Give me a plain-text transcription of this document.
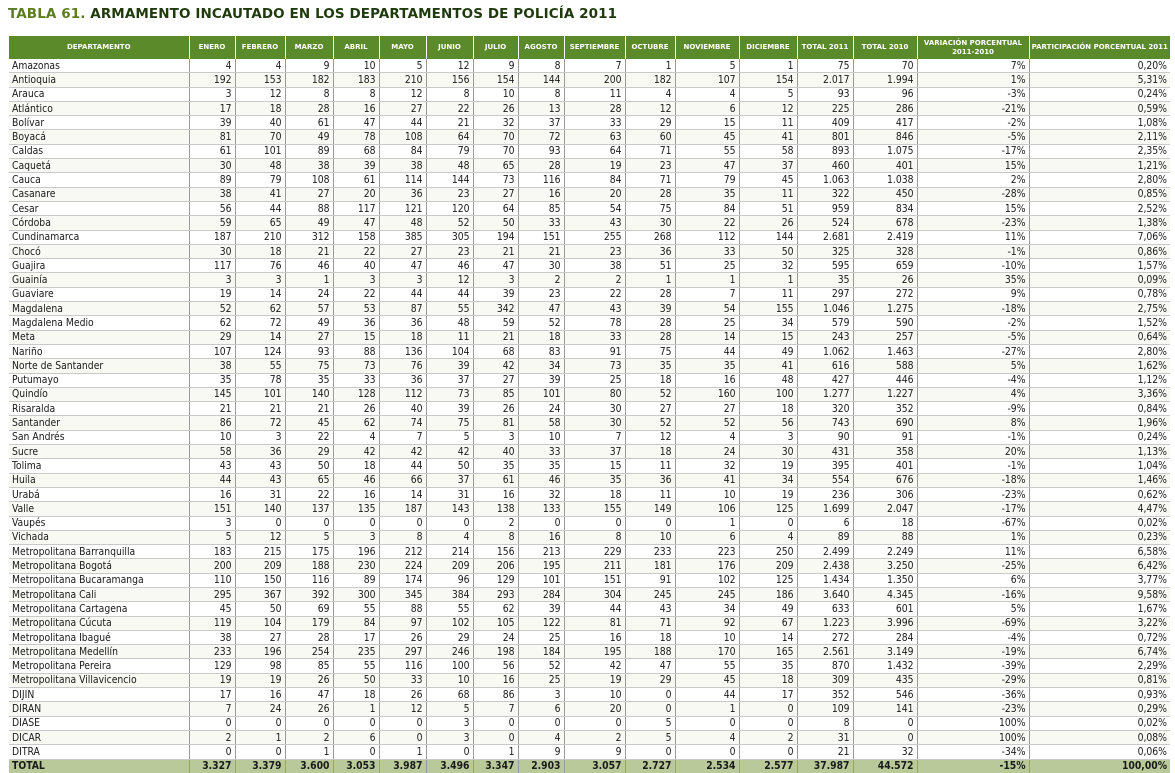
TABLA 61. ARMAMENTO INCAUTADO EN LOS DEPARTAMENTOS DE POLICÍA 2011
DEPARTAMENTO	ENERO	FEBRERO	MARZO	ABRIL	MAYO	JUNIO	JULIO	AGOSTO	SEPTIEMBRE	OCTUBRE	NOVIEMBRE	DICIEMBRE	TOTAL 2011	TOTAL 2010	VARIACIÓN PORCENTUAL 2011-2010	PARTICIPACIÓN PORCENTUAL 2011
Amazonas	4	4	9	10	5	12	9	8	7	1	5	1	75	70	7%	0,20%
Antioquia	192	153	182	183	210	156	154	144	200	182	107	154	2.017	1.994	1%	5,31%
Arauca	3	12	8	8	12	8	10	8	11	4	4	5	93	96	-3%	0,24%
Atlántico	17	18	28	16	27	22	26	13	28	12	6	12	225	286	-21%	0,59%
Bolívar	39	40	61	47	44	21	32	37	33	29	15	11	409	417	-2%	1,08%
Boyacá	81	70	49	78	108	64	70	72	63	60	45	41	801	846	-5%	2,11%
Caldas	61	101	89	68	84	79	70	93	64	71	55	58	893	1.075	-17%	2,35%
Caquetá	30	48	38	39	38	48	65	28	19	23	47	37	460	401	15%	1,21%
Cauca	89	79	108	61	114	144	73	116	84	71	79	45	1.063	1.038	2%	2,80%
Casanare	38	41	27	20	36	23	27	16	20	28	35	11	322	450	-28%	0,85%
Cesar	56	44	88	117	121	120	64	85	54	75	84	51	959	834	15%	2,52%
Córdoba	59	65	49	47	48	52	50	33	43	30	22	26	524	678	-23%	1,38%
Cundinamarca	187	210	312	158	385	305	194	151	255	268	112	144	2.681	2.419	11%	7,06%
Chocó	30	18	21	22	27	23	21	21	23	36	33	50	325	328	-1%	0,86%
Guajira	117	76	46	40	47	46	47	30	38	51	25	32	595	659	-10%	1,57%
Guainía	3	3	1	3	3	12	3	2	2	1	1	1	35	26	35%	0,09%
Guaviare	19	14	24	22	44	44	39	23	22	28	7	11	297	272	9%	0,78%
Magdalena	52	62	57	53	87	55	342	47	43	39	54	155	1.046	1.275	-18%	2,75%
Magdalena Medio	62	72	49	36	36	48	59	52	78	28	25	34	579	590	-2%	1,52%
Meta	29	14	27	15	18	11	21	18	33	28	14	15	243	257	-5%	0,64%
Nariño	107	124	93	88	136	104	68	83	91	75	44	49	1.062	1.463	-27%	2,80%
Norte de Santander	38	55	75	73	76	39	42	34	73	35	35	41	616	588	5%	1,62%
Putumayo	35	78	35	33	36	37	27	39	25	18	16	48	427	446	-4%	1,12%
Quindío	145	101	140	128	112	73	85	101	80	52	160	100	1.277	1.227	4%	3,36%
Risaralda	21	21	21	26	40	39	26	24	30	27	27	18	320	352	-9%	0,84%
Santander	86	72	45	62	74	75	81	58	30	52	52	56	743	690	8%	1,96%
San Andrés	10	3	22	4	7	5	3	10	7	12	4	3	90	91	-1%	0,24%
Sucre	58	36	29	42	42	42	40	33	37	18	24	30	431	358	20%	1,13%
Tolima	43	43	50	18	44	50	35	35	15	11	32	19	395	401	-1%	1,04%
Huila	44	43	65	46	66	37	61	46	35	36	41	34	554	676	-18%	1,46%
Urabá	16	31	22	16	14	31	16	32	18	11	10	19	236	306	-23%	0,62%
Valle	151	140	137	135	187	143	138	133	155	149	106	125	1.699	2.047	-17%	4,47%
Vaupés	3	0	0	0	0	0	2	0	0	0	1	0	6	18	-67%	0,02%
Vichada	5	12	5	3	8	4	8	16	8	10	6	4	89	88	1%	0,23%
Metropolitana Barranquilla	183	215	175	196	212	214	156	213	229	233	223	250	2.499	2.249	11%	6,58%
Metropolitana Bogotá	200	209	188	230	224	209	206	195	211	181	176	209	2.438	3.250	-25%	6,42%
Metropolitana Bucaramanga	110	150	116	89	174	96	129	101	151	91	102	125	1.434	1.350	6%	3,77%
Metropolitana Cali	295	367	392	300	345	384	293	284	304	245	245	186	3.640	4.345	-16%	9,58%
Metropolitana Cartagena	45	50	69	55	88	55	62	39	44	43	34	49	633	601	5%	1,67%
Metropolitana Cúcuta	119	104	179	84	97	102	105	122	81	71	92	67	1.223	3.996	-69%	3,22%
Metropolitana Ibagué	38	27	28	17	26	29	24	25	16	18	10	14	272	284	-4%	0,72%
Metropolitana Medellín	233	196	254	235	297	246	198	184	195	188	170	165	2.561	3.149	-19%	6,74%
Metropolitana Pereira	129	98	85	55	116	100	56	52	42	47	55	35	870	1.432	-39%	2,29%
Metropolitana Villavicencio	19	19	26	50	33	10	16	25	19	29	45	18	309	435	-29%	0,81%
DIJIN	17	16	47	18	26	68	86	3	10	0	44	17	352	546	-36%	0,93%
DIRAN	7	24	26	1	12	5	7	6	20	0	1	0	109	141	-23%	0,29%
DIASE	0	0	0	0	0	3	0	0	0	5	0	0	8	0	100%	0,02%
DICAR	2	1	2	6	0	3	0	4	2	5	4	2	31	0	100%	0,08%
DITRA	0	0	1	0	1	0	1	9	9	0	0	0	21	32	-34%	0,06%
TOTAL	3.327	3.379	3.600	3.053	3.987	3.496	3.347	2.903	3.057	2.727	2.534	2.577	37.987	44.572	-15%	100,00%
